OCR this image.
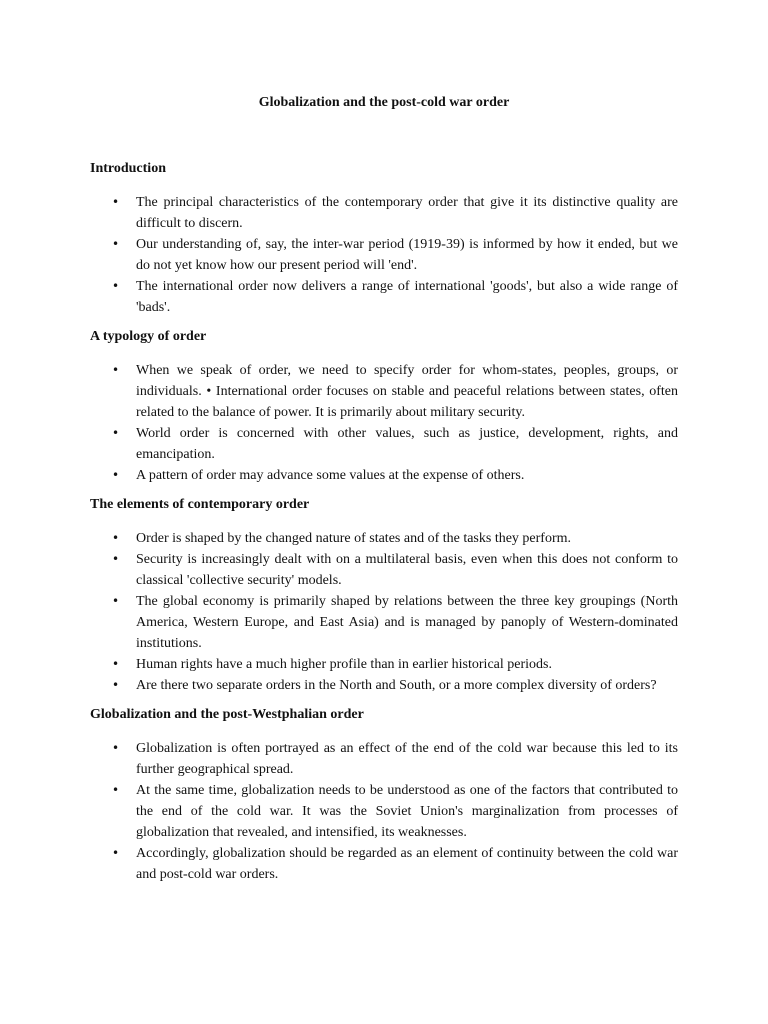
Globalization and the post-cold war order
Introduction
• The principal characteristics of the contemporary order that give it its distinctive quality are difficult to discern.
• Our understanding of, say, the inter-war period (1919-39) is informed by how it ended, but we do not yet know how our present period will 'end'.
• The international order now delivers a range of international 'goods', but also a wide range of 'bads'.
A typology of order
• When we speak of order, we need to specify order for whom-states, peoples, groups, or individuals. • International order focuses on stable and peaceful relations between states, often related to the balance of power. It is primarily about military security.
• World order is concerned with other values, such as justice, development, rights, and emancipation.
• A pattern of order may advance some values at the expense of others.
The elements of contemporary order
• Order is shaped by the changed nature of states and of the tasks they perform.
• Security is increasingly dealt with on a multilateral basis, even when this does not conform to classical 'collective security' models.
• The global economy is primarily shaped by relations between the three key groupings (North America, Western Europe, and East Asia) and is managed by panoply of Western-dominated institutions.
• Human rights have a much higher profile than in earlier historical periods.
• Are there two separate orders in the North and South, or a more complex diversity of orders?
Globalization and the post-Westphalian order
• Globalization is often portrayed as an effect of the end of the cold war because this led to its further geographical spread.
• At the same time, globalization needs to be understood as one of the factors that contributed to the end of the cold war. It was the Soviet Union's marginalization from processes of globalization that revealed, and intensified, its weaknesses.
• Accordingly, globalization should be regarded as an element of continuity between the cold war and post-cold war orders.
